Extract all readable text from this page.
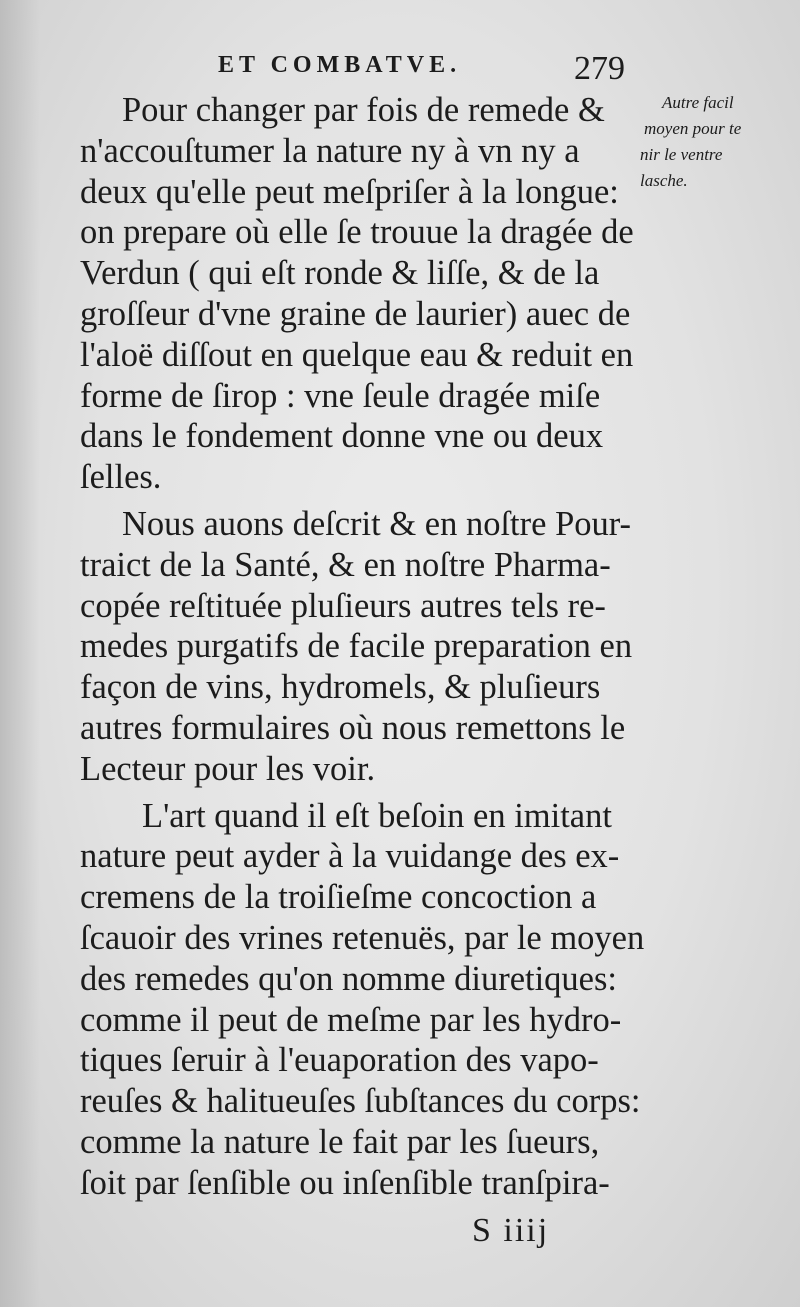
ET COMBATVE.	279
Autre facil
moyen pour te
nir le ventre
lasche.
Pour changer par fois de remede &
n'accouſtumer la nature ny à vn ny a
deux qu'elle peut meſpriſer à la longue:
on prepare où elle ſe trouue la dragée de
Verdun ( qui eſt ronde & liſſe, & de la
groſſeur d'vne graine de laurier) auec de
l'aloë diſſout en quelque eau & reduit en
forme de ſirop : vne ſeule dragée miſe
dans le fondement donne vne ou deux
ſelles.
Nous auons deſcrit & en noſtre Pour-
traict de la Santé, & en noſtre Pharma-
copée reſtituée pluſieurs autres tels re-
medes purgatifs de facile preparation en
façon de vins, hydromels, & pluſieurs
autres formulaires où nous remettons le
Lecteur pour les voir.
L'art quand il eſt beſoin en imitant
nature peut ayder à la vuidange des ex-
cremens de la troiſieſme concoction a
ſcauoir des vrines retenuës, par le moyen
des remedes qu'on nomme diuretiques:
comme il peut de meſme par les hydro-
tiques ſeruir à l'euaporation des vapo-
reuſes & halitueuſes ſubſtances du corps:
comme la nature le fait par les ſueurs,
ſoit par ſenſible ou inſenſible tranſpira-
S iiij
